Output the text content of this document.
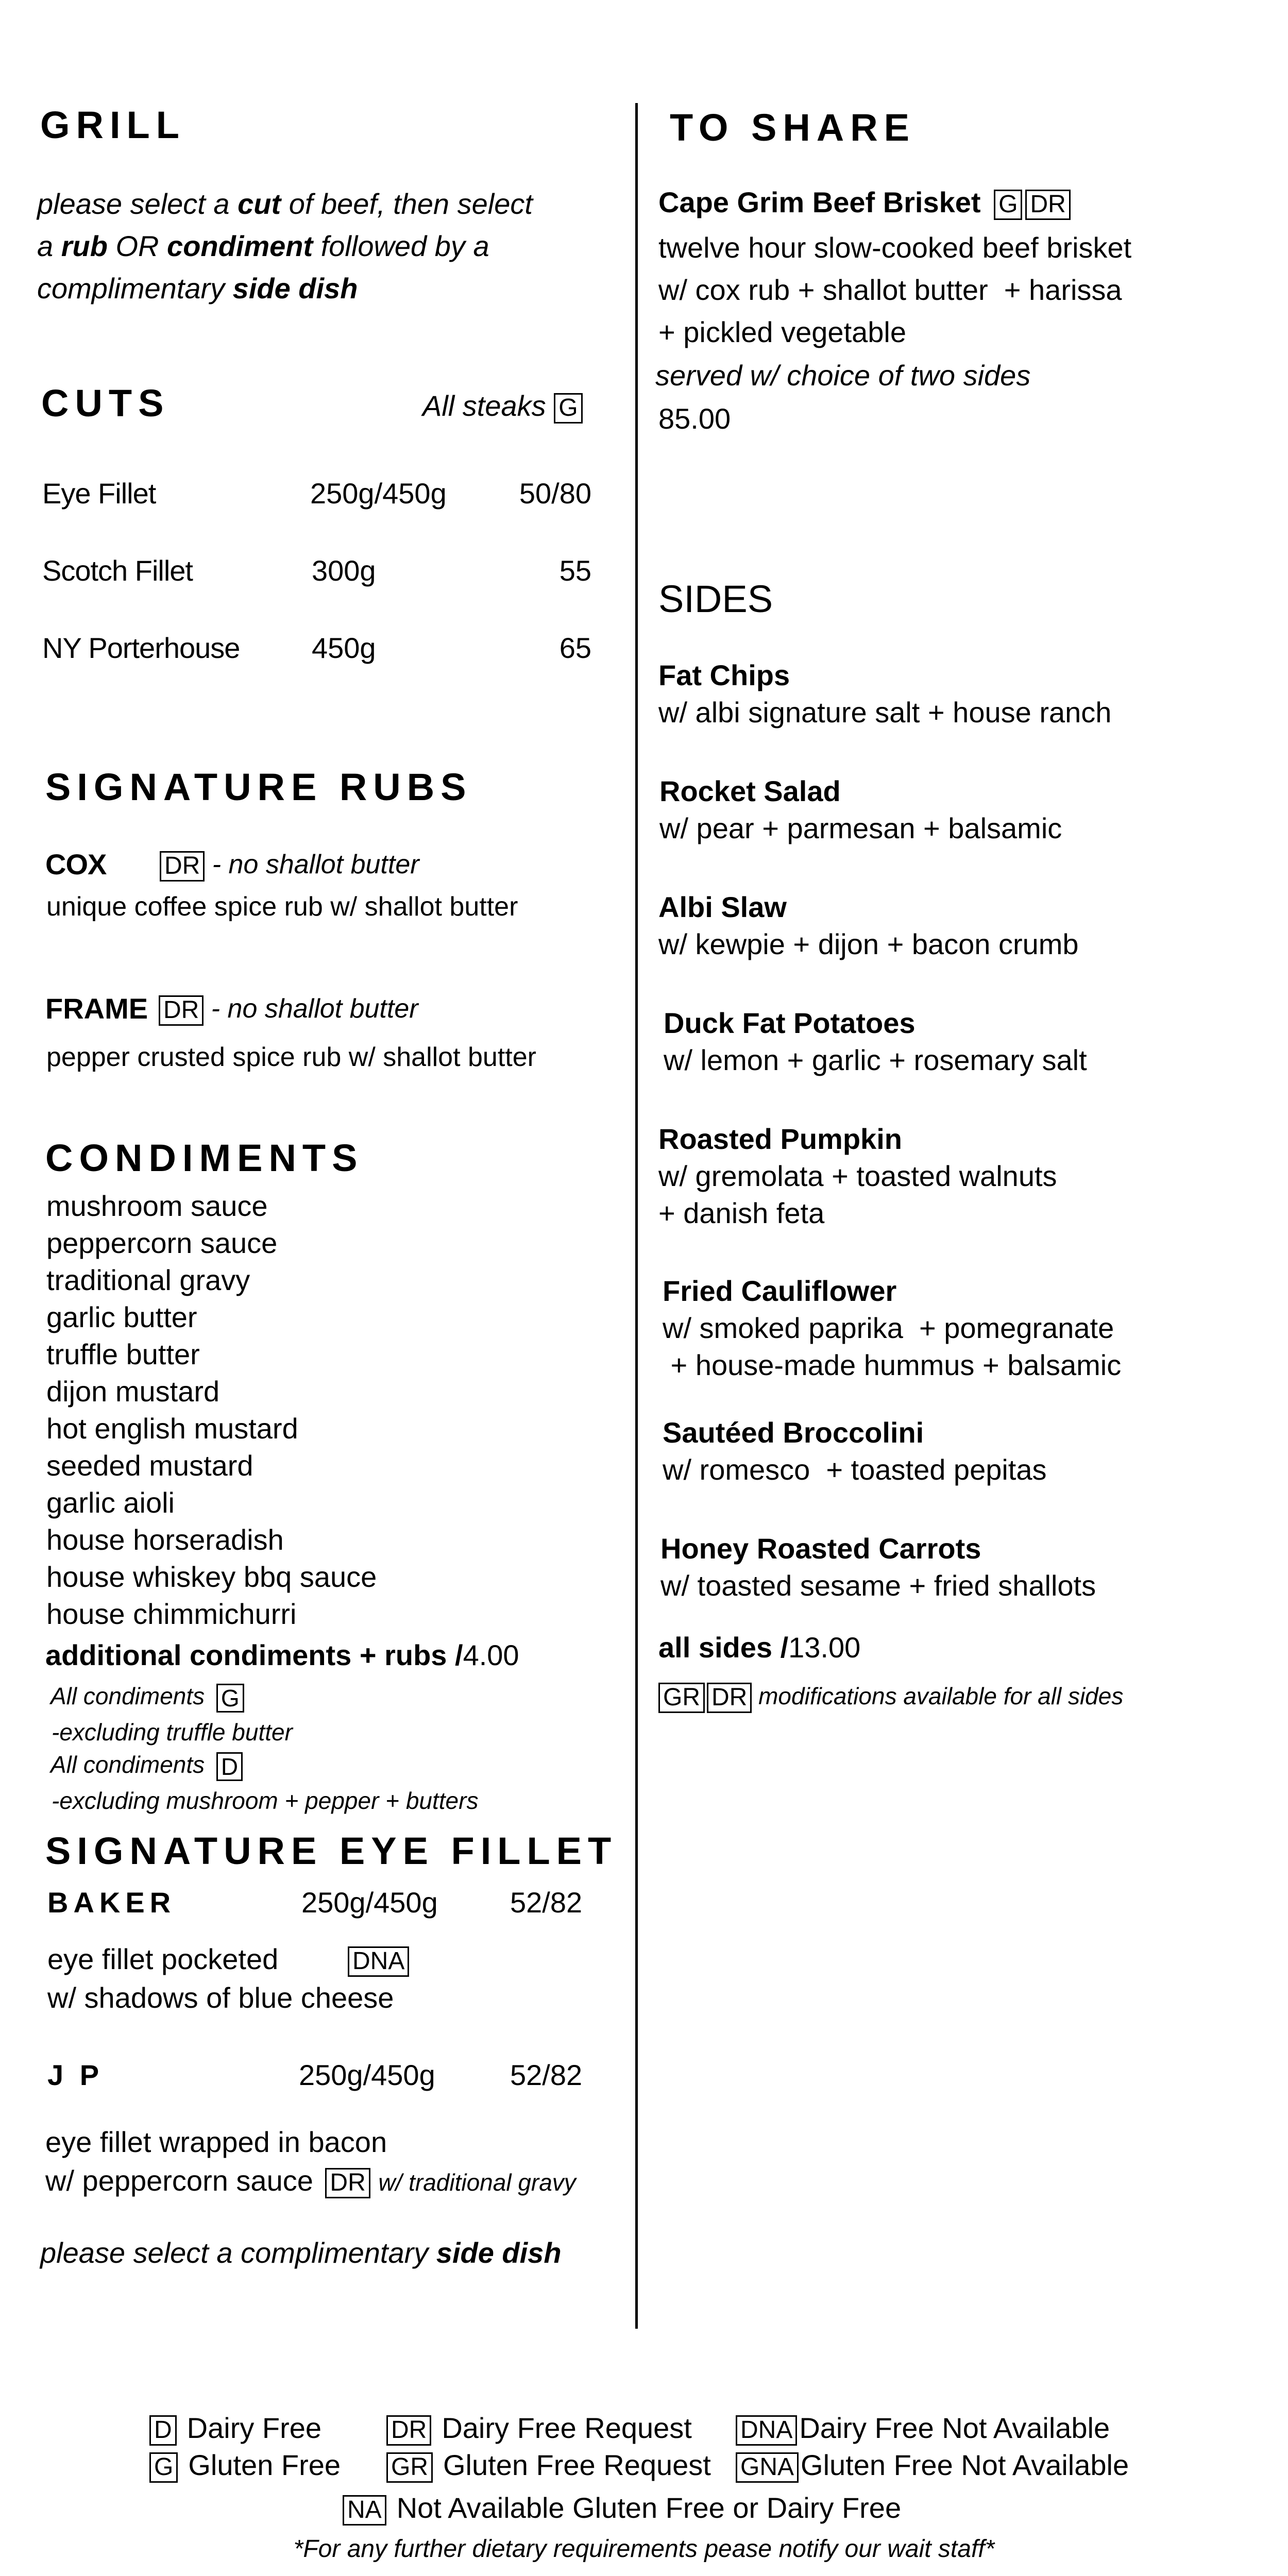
GRILL
please select a cut of beef, then select
a rub OR condiment followed by a
complimentary side dish
CUTS	All steaks G
Eye Fillet	250g/450g	50/80
Scotch Fillet	300g	55
NY Porterhouse 450g	65
SIGNATURE RUBS
COX DR - no shallot butter
unique coffee spice rub w/ shallot butter
FRAME DR - no shallot butter
pepper crusted spice rub w/ shallot butter
CONDIMENTS
mushroom sauce
peppercorn sauce
traditional gravy
garlic butter
truffle butter
dijon mustard
hot english mustard
seeded mustard
garlic aioli
house horseradish
house whiskey bbq sauce
house chimmichurri
additional condiments + rubs /4.00
All condiments G
-excluding truffle butter
All condiments D
-excluding mushroom + pepper + butters
SIGNATURE EYE FILLET
BAKER	250g/450g	52/82
eye fillet pocketed	DNA
w/ shadows of blue cheese
J P	250g/450g	52/82
eye fillet wrapped in bacon
w/ peppercorn sauce DR w/ traditional gravy
please select a complimentary side dish
TO SHARE
Cape Grim Beef Brisket G DR
twelve hour slow-cooked beef brisket
w/ cox rub + shallot butter  + harissa
+ pickled vegetable
served w/ choice of two sides
85.00
SIDES
Fat Chips
w/ albi signature salt + house ranch
Rocket Salad
w/ pear + parmesan + balsamic
Albi Slaw
w/ kewpie + dijon + bacon crumb
Duck Fat Potatoes
w/ lemon + garlic + rosemary salt
Roasted Pumpkin
w/ gremolata + toasted walnuts
+ danish feta
Fried Cauliflower
w/ smoked paprika  + pomegranate
+ house-made hummus + balsamic
Sautéed Broccolini
w/ romesco  + toasted pepitas
Honey Roasted Carrots
w/ toasted sesame + fried shallots
all sides /13.00
GR DR modifications available for all sides
D Dairy Free	DR Dairy Free Request DNA Dairy Free Not Available
G Gluten Free GR Gluten Free Request GNA Gluten Free Not Available
NA Not Available Gluten Free or Dairy Free
*For any further dietary requirements pease notify our wait staff*
